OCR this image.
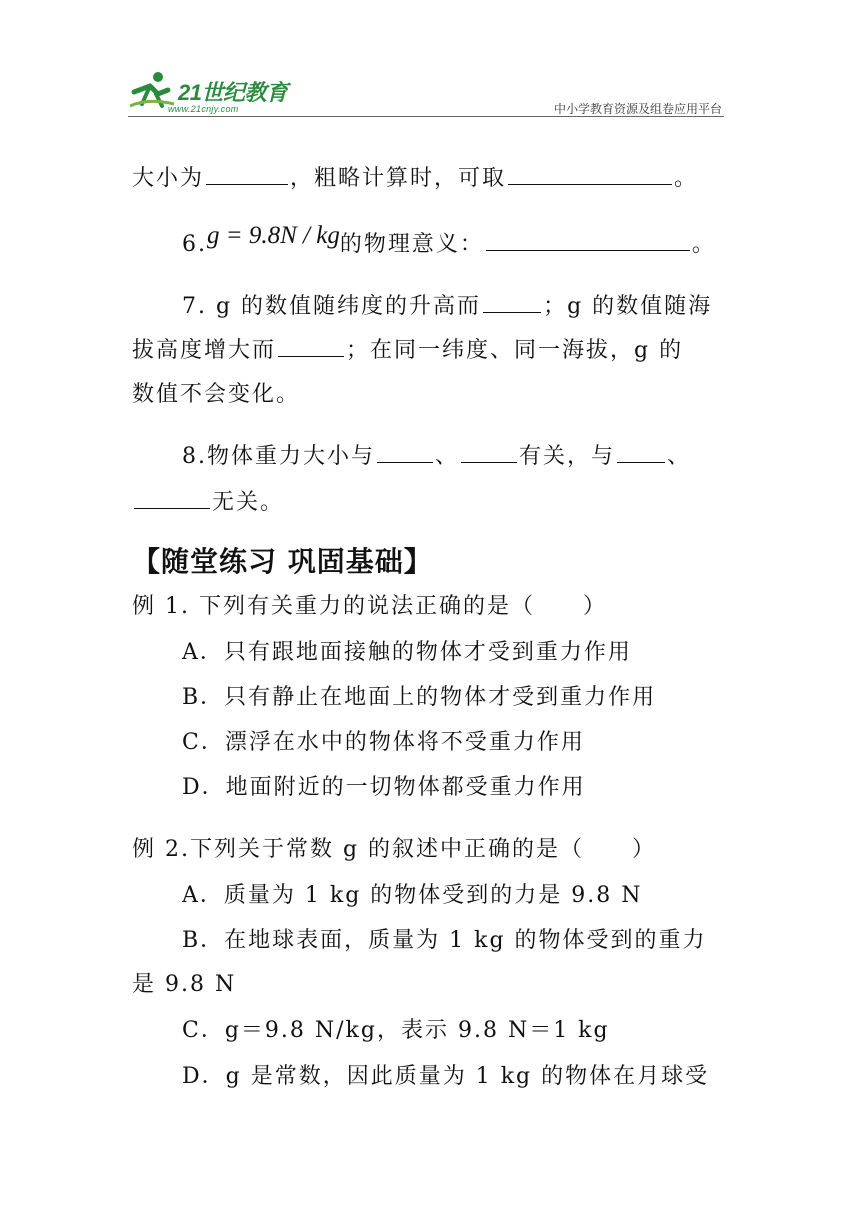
21世纪教育
www.21cnjy.com	中小学教育资源及组卷应用平台
大小为	，粗略计算时，可取	。
6.g = 9.8N / kg的物理意义：	。
7. g 的数值随纬度的升高而	；g 的数值随海
拔高度增大而	；在同一纬度、同一海拔，g 的
数值不会变化。
8.物体重力大小与	、	有关，与 、
无关。
【随堂练习 巩固基础】
例 1. 下列有关重力的说法正确的是（　　）
A．只有跟地面接触的物体才受到重力作用
B．只有静止在地面上的物体才受到重力作用
C．漂浮在水中的物体将不受重力作用
D．地面附近的一切物体都受重力作用
例 2.下列关于常数 g 的叙述中正确的是（　　）
A．质量为 1 kg 的物体受到的力是 9.8 N
B．在地球表面，质量为 1 kg 的物体受到的重力
是 9.8 N
C．g＝9.8 N/kg，表示 9.8 N＝1 kg
D．g 是常数，因此质量为 1 kg 的物体在月球受
